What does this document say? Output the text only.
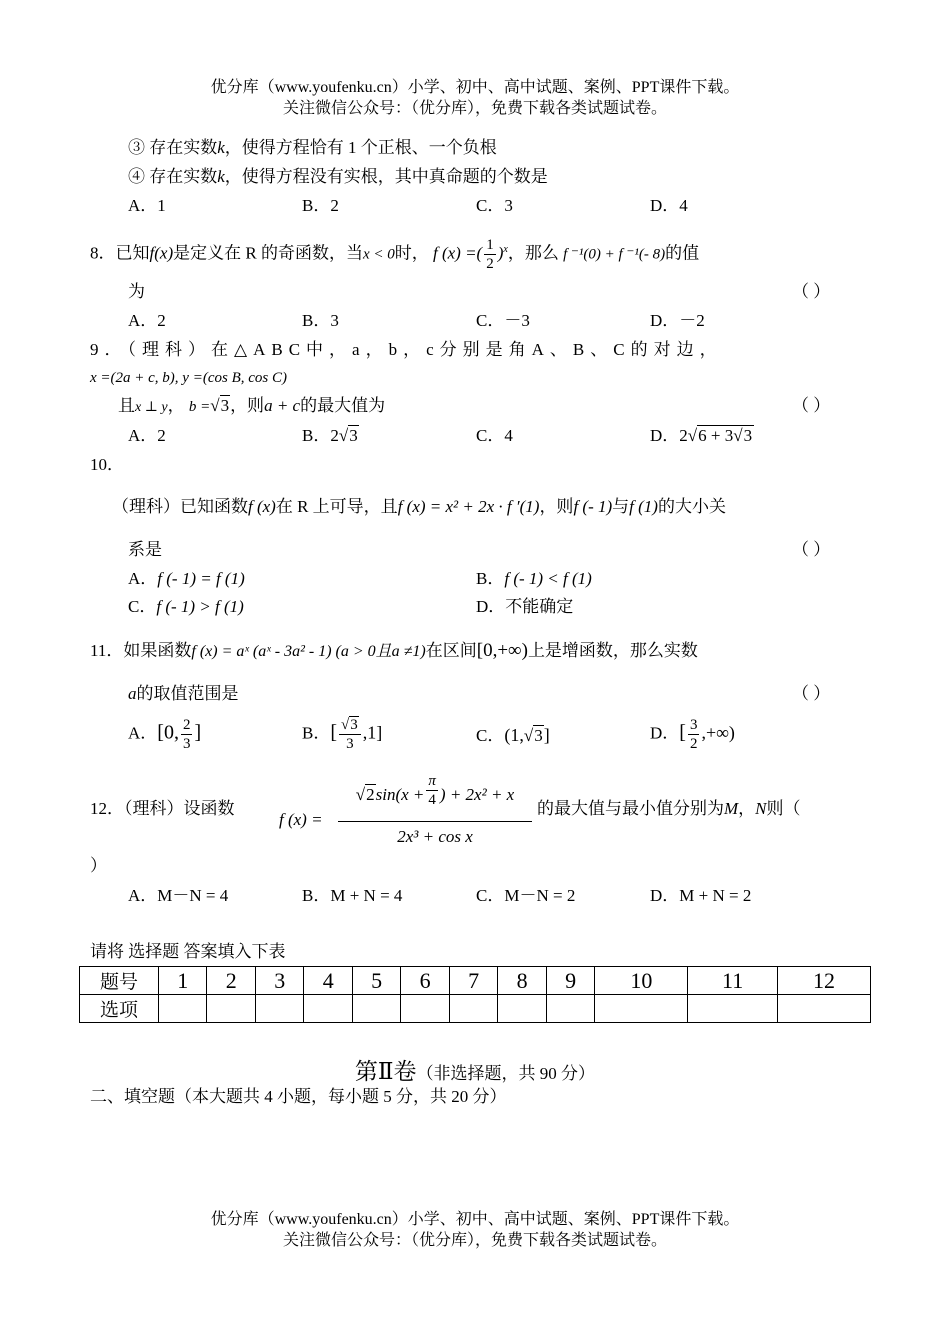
优分库（www.youfenku.cn）小学、初中、高中试题、案例、PPT课件下载。
关注微信公众号：（优分库），免费下载各类试题试卷。
③ 存在实数k，使得方程恰有 1 个正根、一个负根
④ 存在实数k，使得方程没有实根，其中真命题的个数是
A．1	B．2	C．3	D．4
8．已知f(x)是定义在 R 的奇函数，当x < 0时， f (x) =( $\frac{1}{2} )^x$，那么 f ⁻¹(0) + f ⁻¹(- 8)的值
为	（ ）
A．2	B．3	C．－3	D．－2
9．（理科）在△ABC中，a，b，c分别是角A、B、C的对边，
x =(2a + c, b), y =(cos B, cos C)
且x ⊥ y， b =√3，则a + c的最大值为	（ ）
A．2	B．2√3	C．4	D．2√6 + 3√3
10．
（理科）已知函数f (x)在 R 上可导，且f (x) = x² + 2x · f ′(1)，则f (- 1)与f (1)的大小关
系是	（ ）
A．f (- 1) = f (1)	B．f (- 1) < f (1)
C．f (- 1) > f (1)	D．不能确定
11．如果函数f (x) = aˣ (aˣ - 3a² - 1) (a > 0且a ≠1)在区间[0,+∞)上是增函数，那么实数
a的取值范围是	（ ）
A．[0, $\frac{2}{3}$ ]	B．[ $\frac{√3}{3} ,1$]	C．(1,√3]	D．[ $\frac{3}{2}$ ,+∞)
12．（理科）设函数
f (x) =
$√2\sin(x + \frac{\pi}{4}$ ) + 2x² + x
2x³ + cos x
的最大值与最小值分别为M，N则（
）
A．M－N = 4	B．M + N = 4	C．M－N = 2	D．M + N = 2
请将 选择题 答案填入下表
题号	1	2	3	4	5	6	7	8	9	10	11	12
选项												
第Ⅱ卷（非选择题，共 90 分）
二、填空题（本大题共 4 小题，每小题 5 分，共 20 分）
优分库（www.youfenku.cn）小学、初中、高中试题、案例、PPT课件下载。
关注微信公众号：（优分库），免费下载各类试题试卷。
